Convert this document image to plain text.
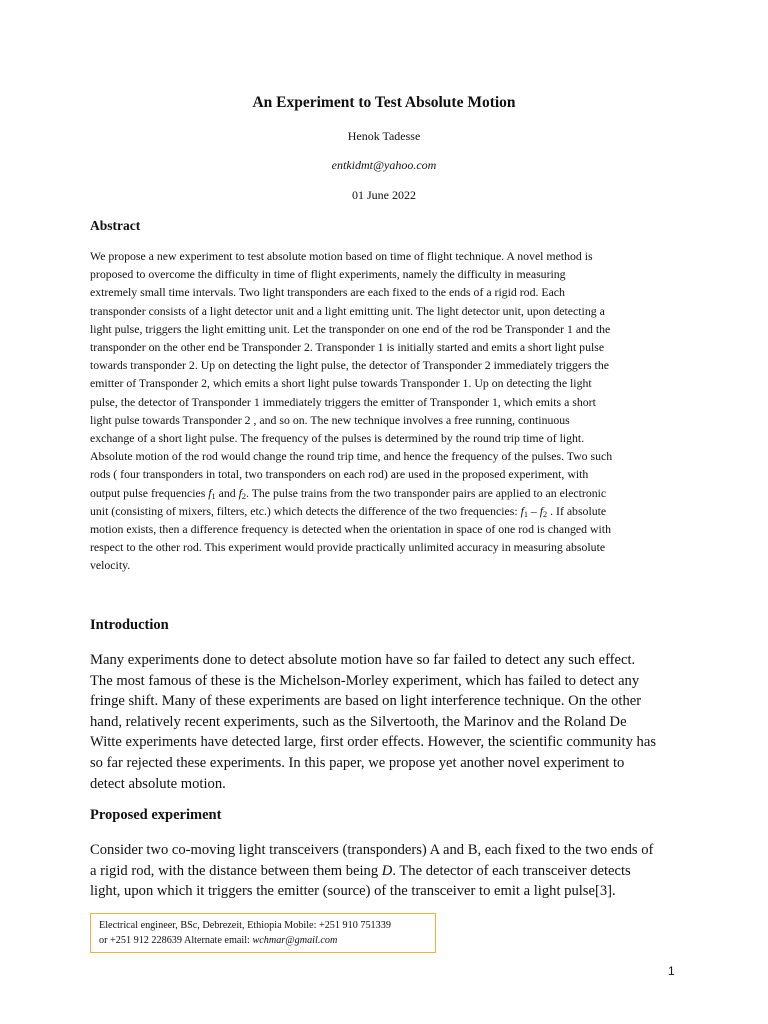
An Experiment to Test Absolute Motion
Henok Tadesse
entkidmt@yahoo.com
01 June 2022
Abstract
We propose a new experiment to test absolute motion based on time of flight technique. A novel method is
proposed to overcome the difficulty in time of flight experiments, namely the difficulty in measuring
extremely small time intervals. Two light transponders are each fixed to the ends of a rigid rod. Each
transponder consists of a light detector unit and a light emitting unit. The light detector unit, upon detecting a
light pulse, triggers the light emitting unit. Let the transponder on one end of the rod be Transponder 1 and the
transponder on the other end be Transponder 2. Transponder 1 is initially started and emits a short light pulse
towards transponder 2. Up on detecting the light pulse, the detector of Transponder 2 immediately triggers the
emitter of Transponder 2, which emits a short light pulse towards Transponder 1. Up on detecting the light
pulse, the detector of Transponder 1 immediately triggers the emitter of Transponder 1, which emits a short
light pulse towards Transponder 2 , and so on. The new technique involves a free running, continuous
exchange of a short light pulse. The frequency of the pulses is determined by the round trip time of light.
Absolute motion of the rod would change the round trip time, and hence the frequency of the pulses. Two such
rods ( four transponders in total, two transponders on each rod) are used in the proposed experiment, with
output pulse frequencies $f_1$ and $f_2$. The pulse trains from the two transponder pairs are applied to an electronic
unit (consisting of mixers, filters, etc.) which detects the difference of the two frequencies: $f_1 - f_2$ . If absolute
motion exists, then a difference frequency is detected when the orientation in space of one rod is changed with
respect to the other rod. This experiment would provide practically unlimited accuracy in measuring absolute
velocity.
Introduction
Many experiments done to detect absolute motion have so far failed to detect any such effect.
The most famous of these is the Michelson-Morley experiment, which has failed to detect any
fringe shift. Many of these experiments are based on light interference technique. On the other
hand, relatively recent experiments, such as the Silvertooth, the Marinov and the Roland De
Witte experiments have detected large, first order effects. However, the scientific community has
so far rejected these experiments. In this paper, we propose yet another novel experiment to
detect absolute motion.
Proposed experiment
Consider two co-moving light transceivers (transponders) A and B, each fixed to the two ends of
a rigid rod, with the distance between them being D. The detector of each transceiver detects
light, upon which it triggers the emitter (source) of the transceiver to emit a light pulse[3].
Electrical engineer, BSc, Debrezeit, Ethiopia Mobile: +251 910 751339
or +251 912 228639 Alternate email: wchmar@gmail.com
1
